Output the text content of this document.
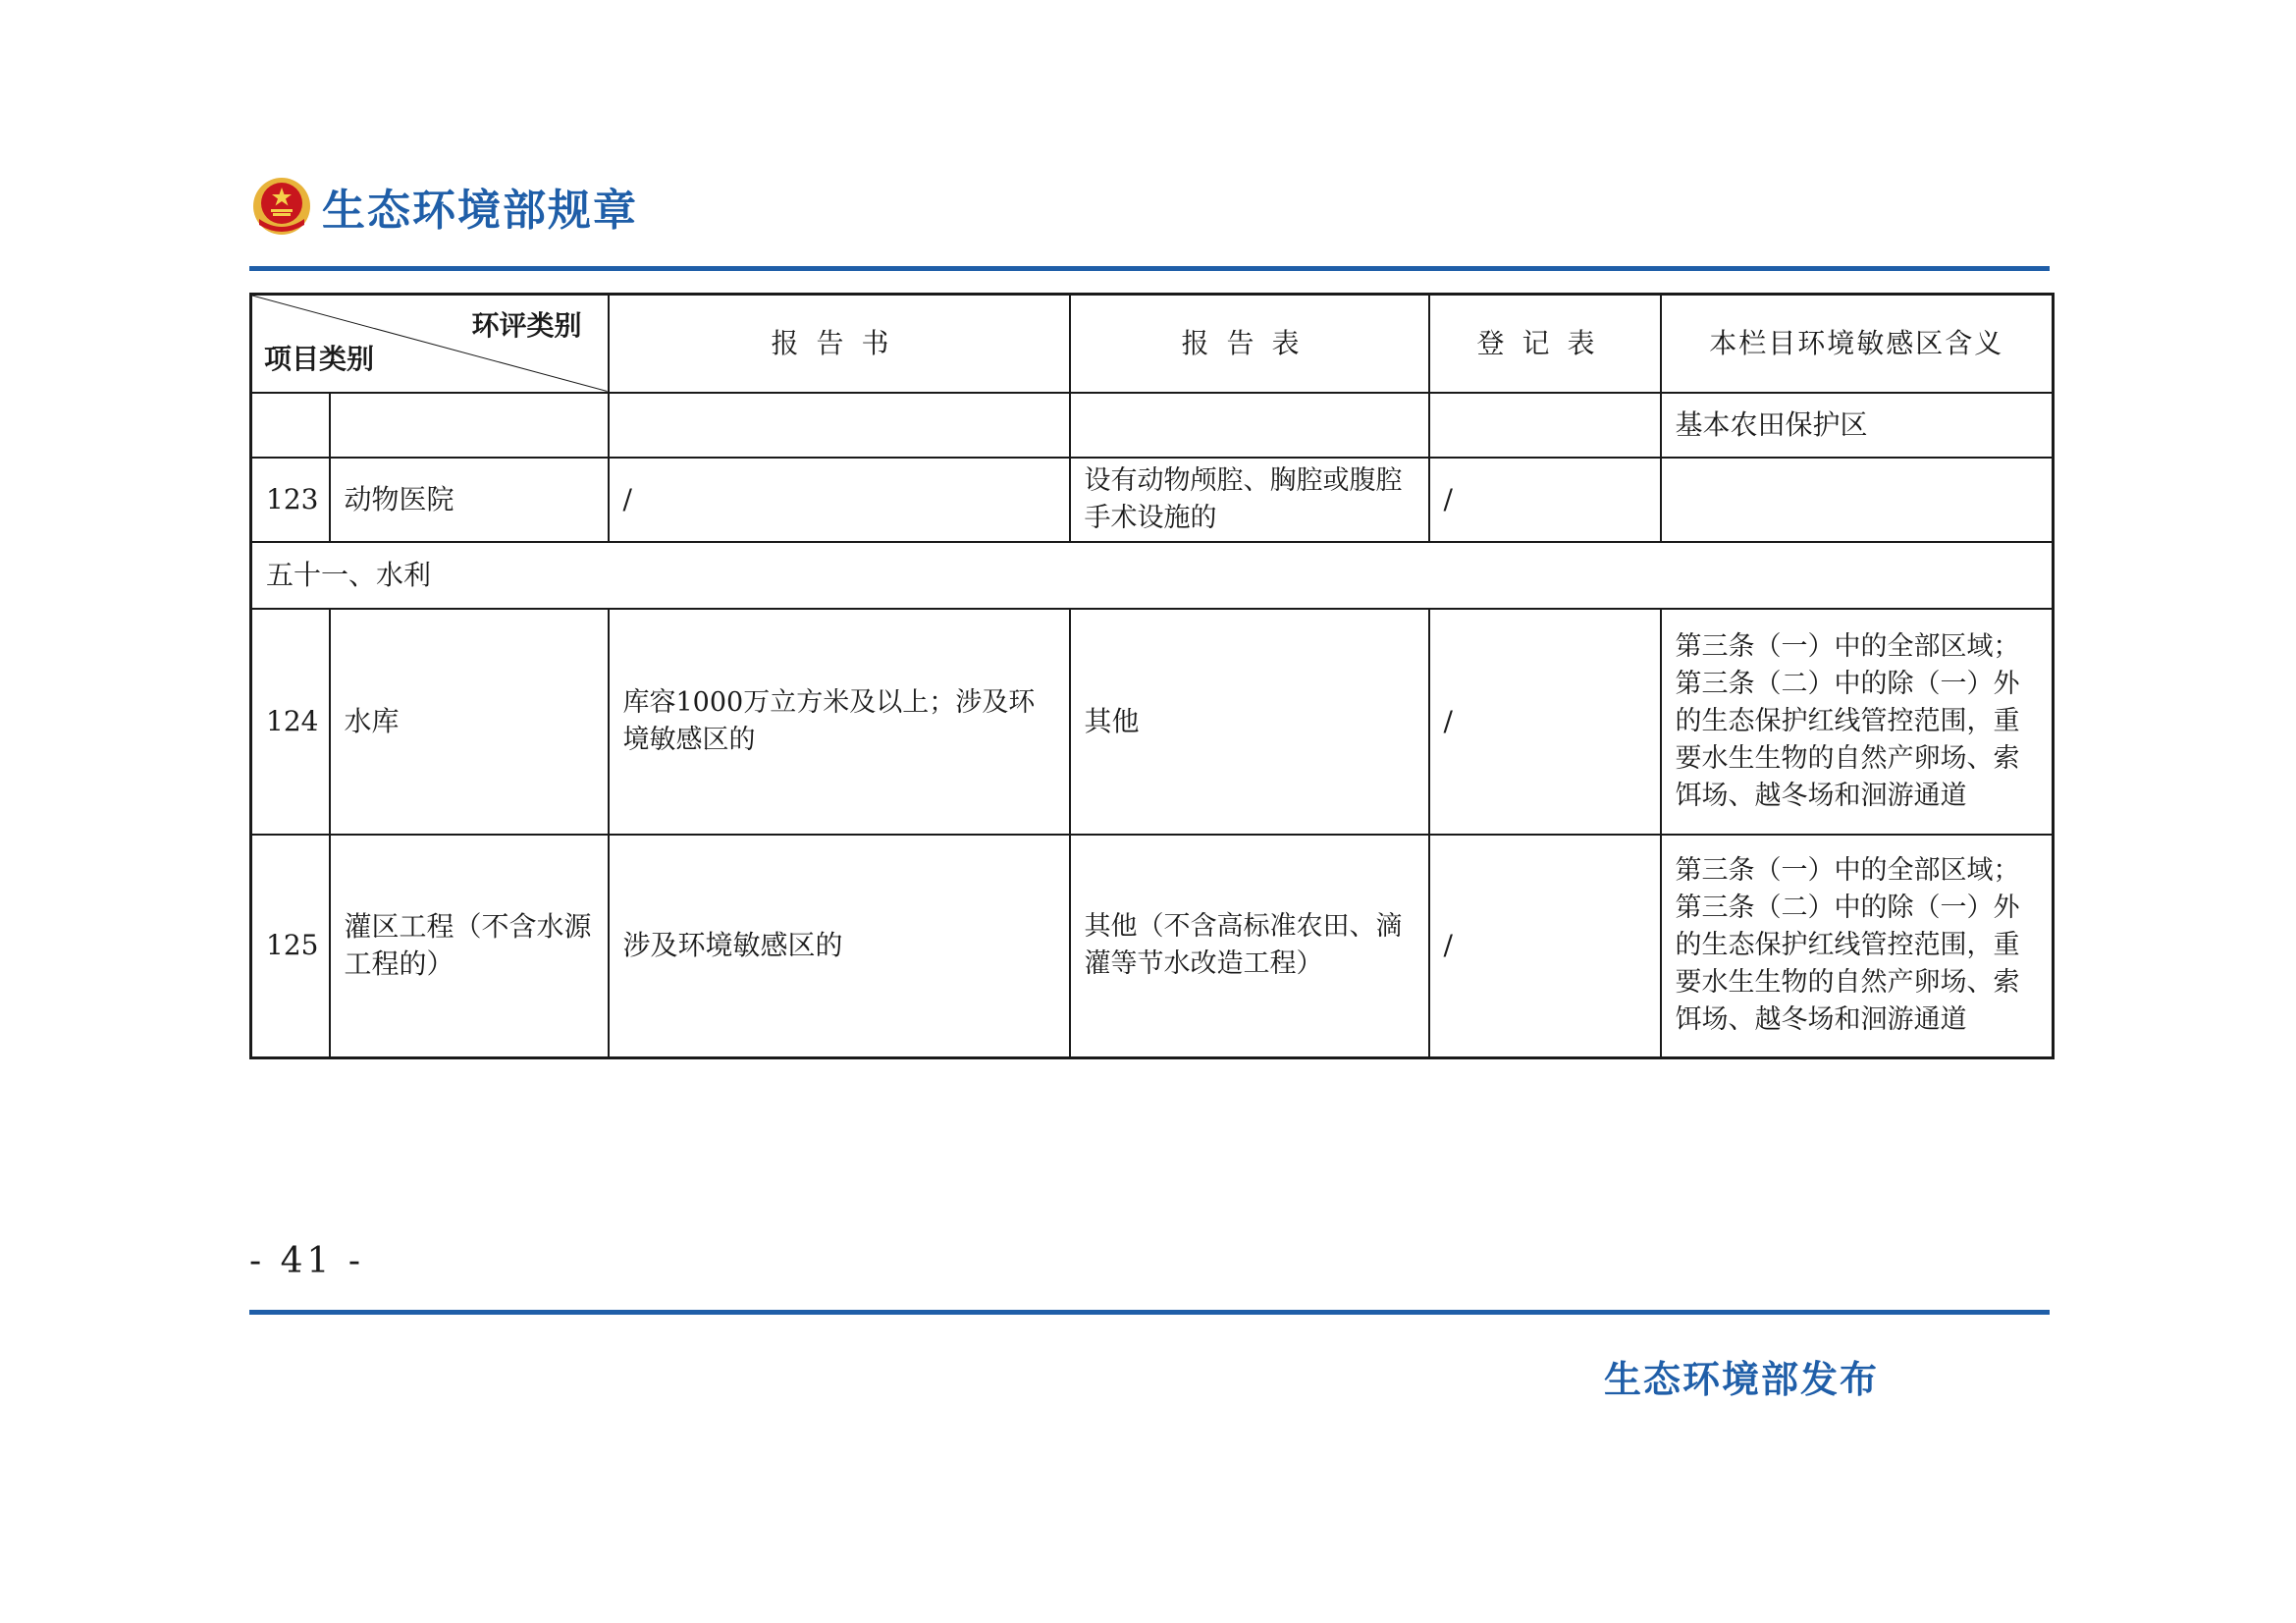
生态环境部规章
环评类别
项目类别		报告书	报告表	登记表	本栏目环境敏感区含义
					基本农田保护区
123	动物医院	/	设有动物颅腔、胸腔或腹腔手术设施的	/	
五十一、水利					
124	水库	库容1000万立方米及以上；涉及环境敏感区的	其他	/	第三条（一）中的全部区域；第三条（二）中的除（一）外的生态保护红线管控范围，重要水生生物的自然产卵场、索饵场、越冬场和洄游通道
125	灌区工程（不含水源工程的）	涉及环境敏感区的	其他（不含高标准农田、滴灌等节水改造工程）	/	第三条（一）中的全部区域；第三条（二）中的除（一）外的生态保护红线管控范围，重要水生生物的自然产卵场、索饵场、越冬场和洄游通道
- 41 -
生态环境部发布
